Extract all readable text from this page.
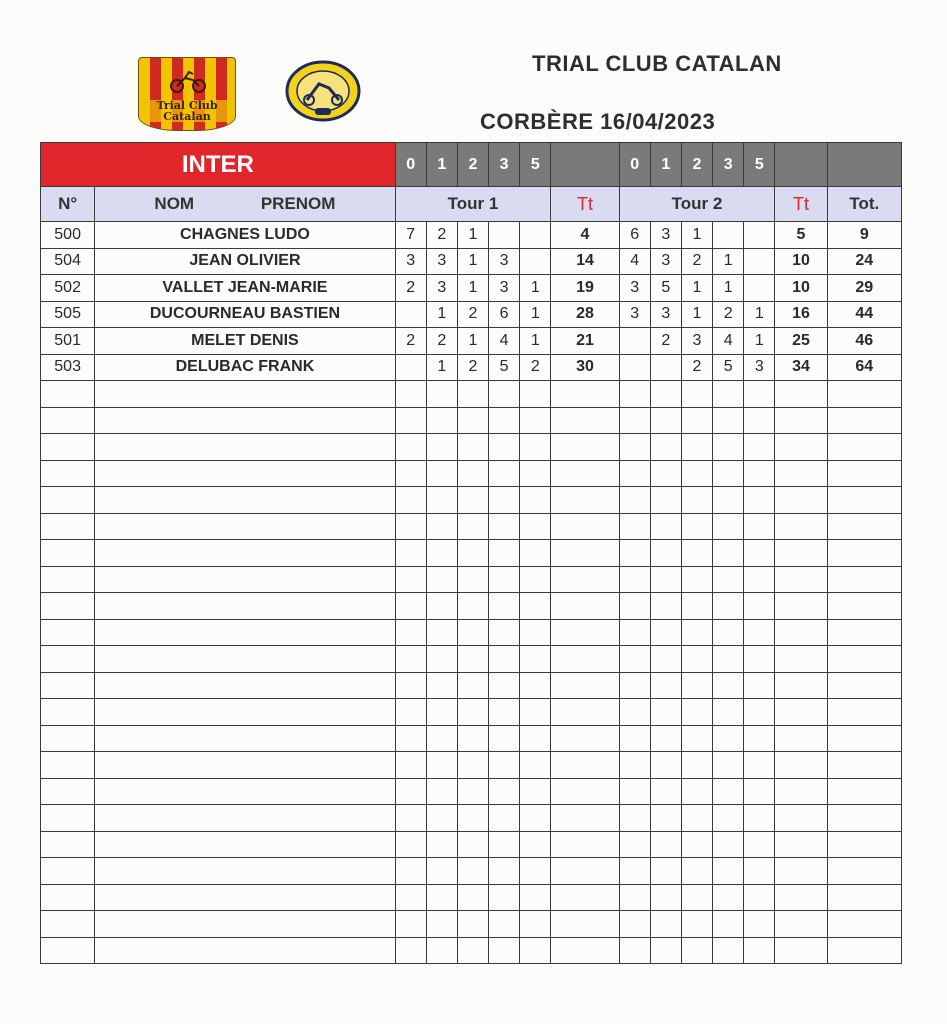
Trial Club Catalan
TRIAL CLUB CATALAN
CORBÈRE 16/04/2023
INTER		0	1	2	3	5		0	1	2	3	5		
N°	NOM PRENOM	Tour 1					Tt	Tour 2					Tt	Tot.
500	CHAGNES LUDO	7	2	1			4	6	3	1			5	9
504	JEAN OLIVIER	3	3	1	3		14	4	3	2	1		10	24
502	VALLET JEAN-MARIE	2	3	1	3	1	19	3	5	1	1		10	29
505	DUCOURNEAU BASTIEN		1	2	6	1	28	3	3	1	2	1	16	44
501	MELET DENIS	2	2	1	4	1	21		2	3	4	1	25	46
503	DELUBAC FRANK		1	2	5	2	30			2	5	3	34	64
